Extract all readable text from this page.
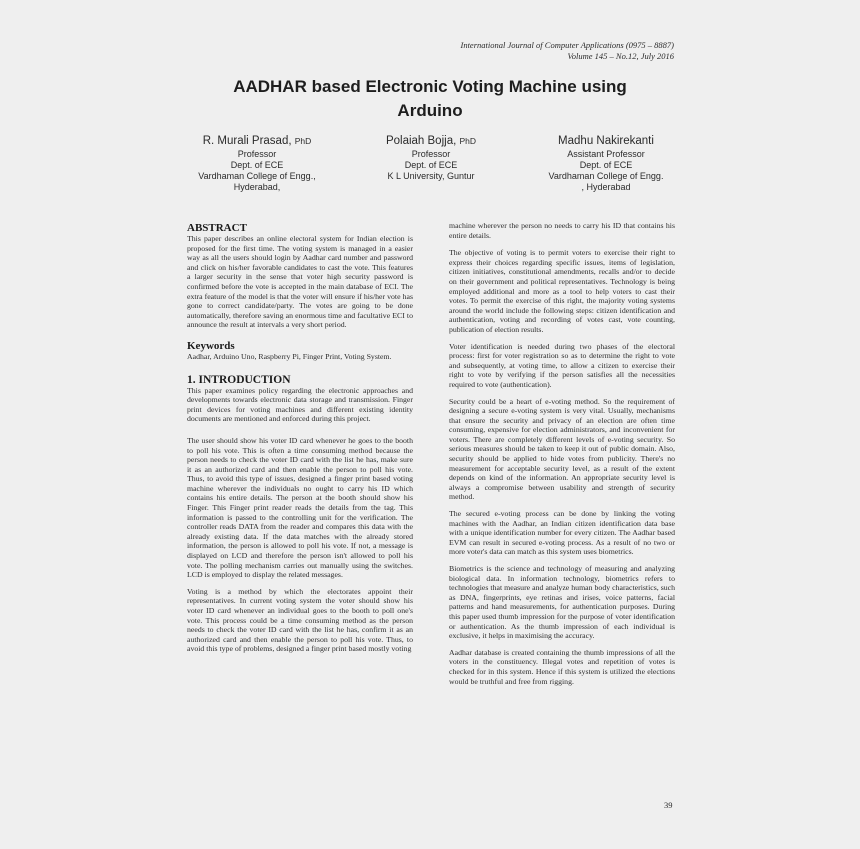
International Journal of Computer Applications (0975 – 8887)
Volume 145 – No.12, July 2016
AADHAR based Electronic Voting Machine using
Arduino
R. Murali Prasad, PhD
Professor
Dept. of ECE
Vardhaman College of Engg.,
Hyderabad,
Polaiah Bojja, PhD
Professor
Dept. of ECE
K L University, Guntur
Madhu Nakirekanti
Assistant Professor
Dept. of ECE
Vardhaman College of Engg.
, Hyderabad
ABSTRACT

This paper describes an online electoral system for Indian election is proposed for the first time. The voting system is managed in a easier way as all the users should login by Aadhar card number and password and click on his/her favorable candidates to cast the vote. This features a larger security in the sense that voter high security password is confirmed before the vote is accepted in the main database of ECI. The extra feature of the model is that the voter will ensure if his/her vote has gone to correct candidate/party. The votes are going to be done automatically, therefore saving an enormous time and facultative ECI to announce the result at intervals a very short period.

Keywords

Aadhar, Arduino Uno, Raspberry Pi, Finger Print, Voting System.

1. INTRODUCTION

This paper examines policy regarding the electronic approaches and developments towards electronic data storage and transmission. Finger print devices for voting machines and different existing identity documents are mentioned and enforced during this project.

The user should show his voter ID card whenever he goes to the booth to poll his vote. This is often a time consuming method because the person needs to check the voter ID card with the list he has, make sure it as an authorized card and then enable the person to poll his vote. Thus, to avoid this type of issues, designed a finger print based voting machine wherever the individuals no ought to carry his ID which contains his entire details. The person at the booth should show his Finger. This Finger print reader reads the details from the tag. This information is passed to the controlling unit for the verification. The controller reads DATA from the reader and compares this data with the already existing data. If the data matches with the already stored information, the person is allowed to poll his vote. If not, a message is displayed on LCD and therefore the person isn't allowed to poll his vote. The polling mechanism carries out manually using the switches. LCD is employed to display the related messages.

Voting is a method by which the electorates appoint their representatives. In current voting system the voter should show his voter ID card whenever an individual goes to the booth to poll one's vote. This process could be a time consuming method as the person needs to check the voter ID card with the list he has, confirm it as an authorized card and then enable the person to poll his vote. Thus, to avoid this type of problems, designed a finger print based mostly voting

machine wherever the person no needs to carry his ID that contains his entire details.

The objective of voting is to permit voters to exercise their right to express their choices regarding specific issues, items of legislation, citizen initiatives, constitutional amendments, recalls and/or to decide on their government and political representatives. Technology is being employed additional and more as a tool to help voters to cast their votes. To permit the exercise of this right, the majority voting systems around the world include the following steps: citizen identification and authentication, voting and recording of votes cast, vote counting, publication of election results.

Voter identification is needed during two phases of the electoral process: first for voter registration so as to determine the right to vote and subsequently, at voting time, to allow a citizen to exercise their right to vote by verifying if the person satisfies all the necessities required to vote (authentication).

Security could be a heart of e-voting method. So the requirement of designing a secure e-voting system is very vital. Usually, mechanisms that ensure the security and privacy of an election are often time consuming, expensive for election administrators, and inconvenient for voters. There are completely different levels of e-voting security. So serious measures should be taken to keep it out of public domain. Also, security should be applied to hide votes from publicity. There's no measurement for acceptable security level, as a result of the extent depends on kind of the information. An appropriate security level is always a compromise between usability and strength of security method.

The secured e-voting process can be done by linking the voting machines with the Aadhar, an Indian citizen identification data base with a unique identification number for every citizen. The Aadhar based EVM can result in secured e-voting process. As a result of no two or more voter's data can match as this system uses biometrics.

Biometrics is the science and technology of measuring and analyzing biological data. In information technology, biometrics refers to technologies that measure and analyze human body characteristics, such as DNA, fingerprints, eye retinas and irises, voice patterns, facial patterns and hand measurements, for authentication purposes. During this paper used thumb impression for the purpose of voter identification or authentication. As the thumb impression of each individual is exclusive, it helps in maximising the accuracy.

Aadhar database is created containing the thumb impressions of all the voters in the constituency. Illegal votes and repetition of votes is checked for in this system. Hence if this system is utilized the elections would be truthful and free from rigging.

39
